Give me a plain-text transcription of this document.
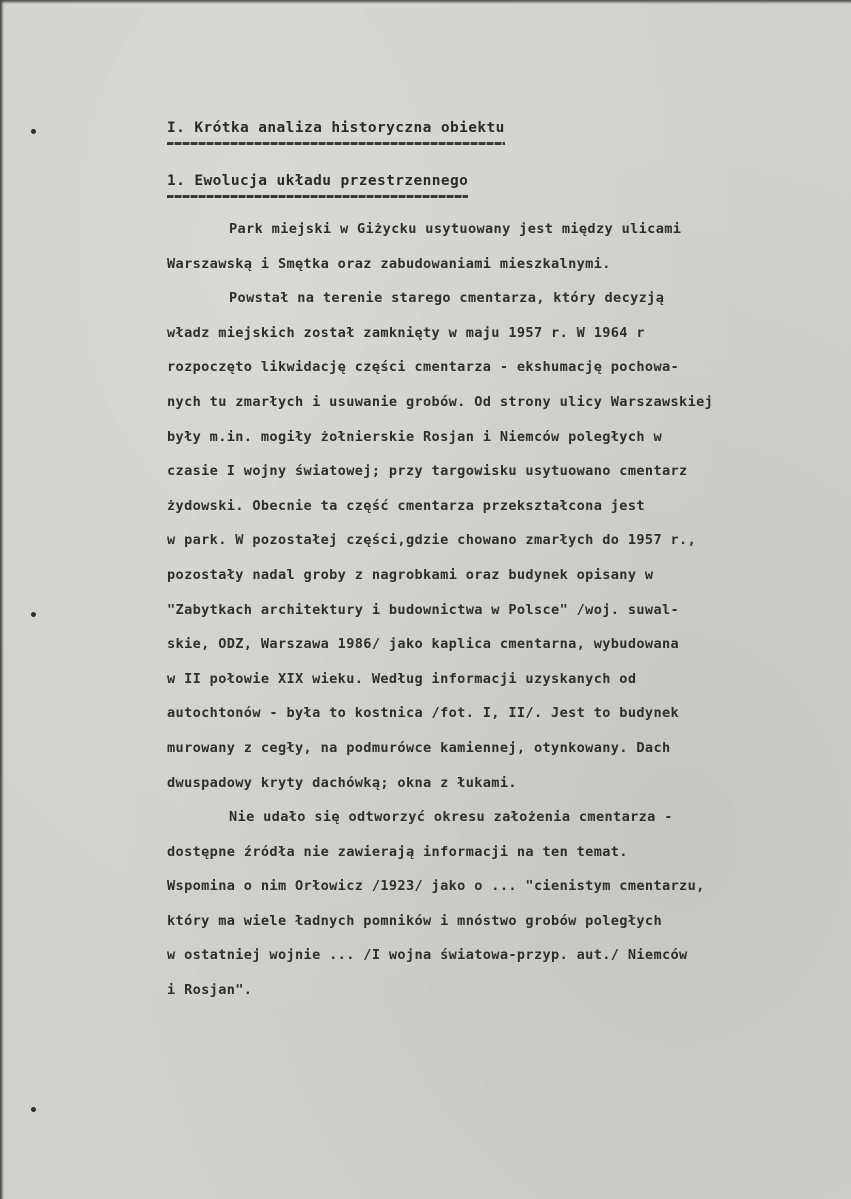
I. Krótka analiza historyczna obiektu
1. Ewolucja układu przestrzennego
Park miejski w Giżycku usytuowany jest między ulicami
Warszawską i Smętka oraz zabudowaniami mieszkalnymi.
Powstał na terenie starego cmentarza, który decyzją
władz miejskich został zamknięty w maju 1957 r. W 1964 r
rozpoczęto likwidację części cmentarza - ekshumację pochowa-
nych tu zmarłych i usuwanie grobów. Od strony ulicy Warszawskiej
były m.in. mogiły żołnierskie Rosjan i Niemców poległych w
czasie I wojny światowej; przy targowisku usytuowano cmentarz
żydowski. Obecnie ta część cmentarza przekształcona jest
w park. W pozostałej części,gdzie chowano zmarłych do 1957 r.,
pozostały nadal groby z nagrobkami oraz budynek opisany w
"Zabytkach architektury i budownictwa w Polsce" /woj. suwal-
skie, ODZ, Warszawa 1986/ jako kaplica cmentarna, wybudowana
w II połowie XIX wieku. Według informacji uzyskanych od
autochtonów - była to kostnica /fot. I, II/. Jest to budynek
murowany z cegły, na podmurówce kamiennej, otynkowany. Dach
dwuspadowy kryty dachówką; okna z łukami.
Nie udało się odtworzyć okresu założenia cmentarza -
dostępne źródła nie zawierają informacji na ten temat.
Wspomina o nim Orłowicz /1923/ jako o ... "cienistym cmentarzu,
który ma wiele ładnych pomników i mnóstwo grobów poległych
w ostatniej wojnie ... /I wojna światowa-przyp. aut./ Niemców
i Rosjan".
